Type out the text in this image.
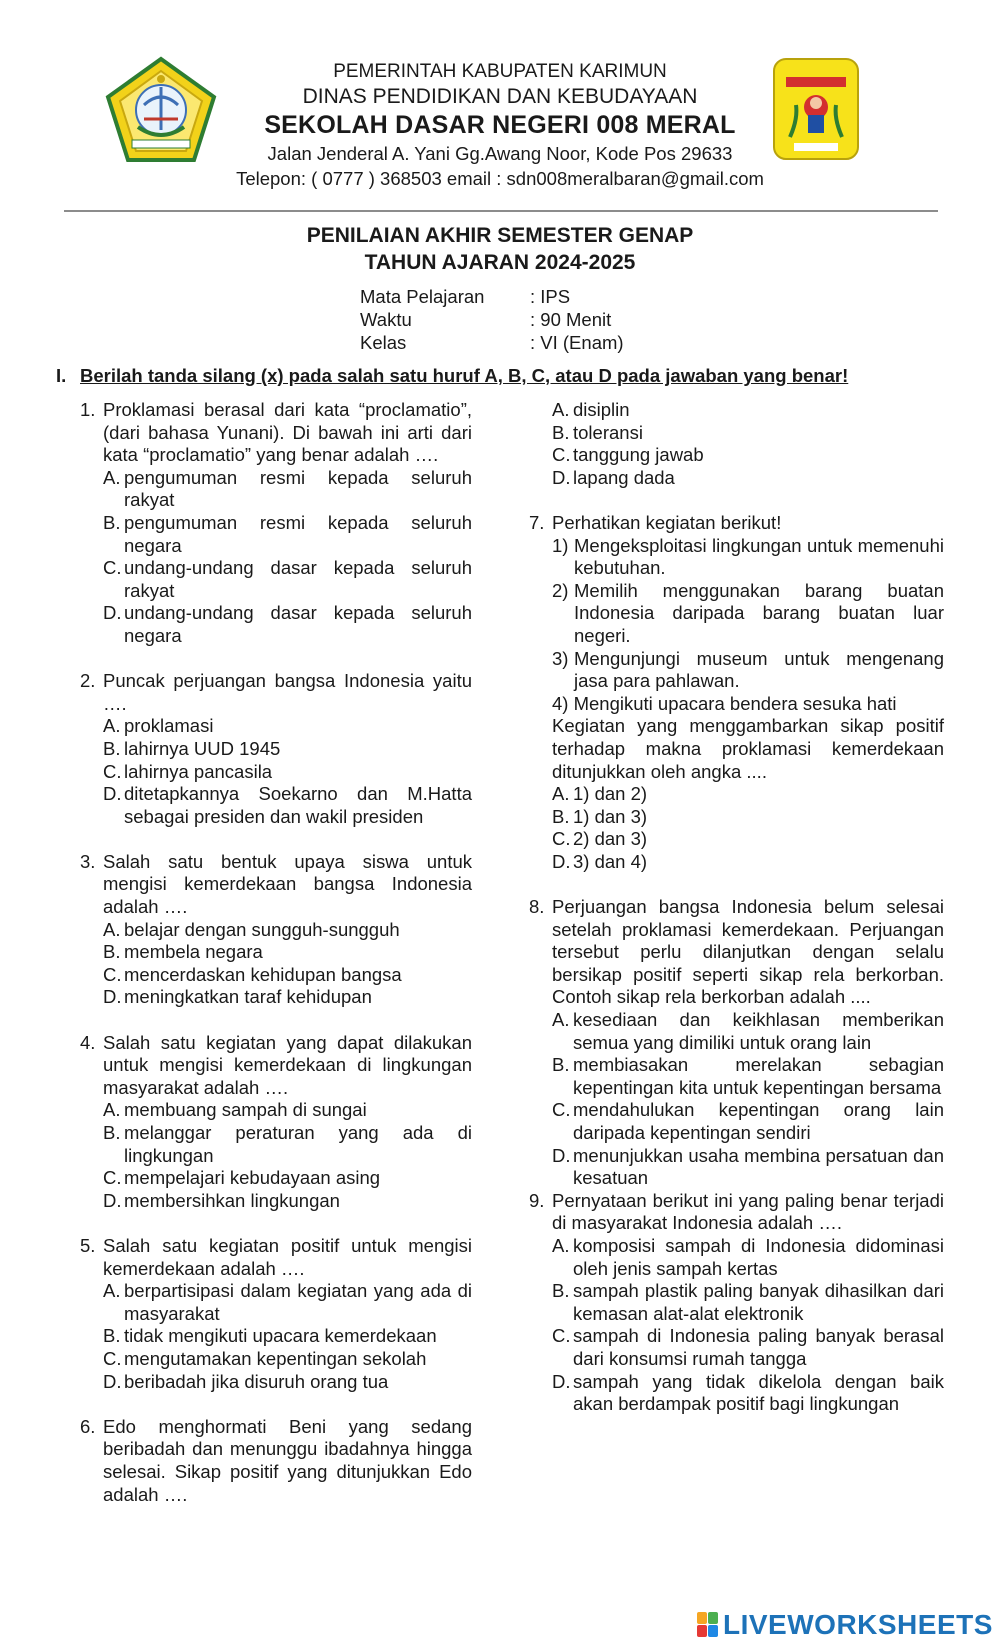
PEMERINTAH KABUPATEN KARIMUN
DINAS PENDIDIKAN DAN KEBUDAYAAN
SEKOLAH DASAR NEGERI 008 MERAL
Jalan Jenderal A. Yani Gg.Awang Noor, Kode Pos 29633
Telepon: ( 0777 ) 368503 email : sdn008meralbaran@gmail.com
PENILAIAN AKHIR SEMESTER GENAP
TAHUN AJARAN 2024-2025
Mata Pelajaran	: IPS
Waktu	: 90 Menit
Kelas	: VI (Enam)
I. Berilah tanda silang (x) pada salah satu huruf A, B, C, atau D pada jawaban yang benar!
1. Proklamasi berasal dari kata “proclamatio”, (dari bahasa Yunani). Di bawah ini arti dari kata “proclamatio” yang benar adalah ….
A. pengumuman resmi kepada seluruh rakyat
B. pengumuman resmi kepada seluruh negara
C. undang-undang dasar kepada seluruh rakyat
D. undang-undang dasar kepada seluruh negara
2. Puncak perjuangan bangsa Indonesia yaitu ….
A. proklamasi
B. lahirnya UUD 1945
C. lahirnya pancasila
D. ditetapkannya Soekarno dan M.Hatta sebagai presiden dan wakil presiden
3. Salah satu bentuk upaya siswa untuk mengisi kemerdekaan bangsa Indonesia adalah ….
A. belajar dengan sungguh-sungguh
B. membela negara
C. mencerdaskan kehidupan bangsa
D. meningkatkan taraf kehidupan
4. Salah satu kegiatan yang dapat dilakukan untuk mengisi kemerdekaan di lingkungan masyarakat adalah ….
A. membuang sampah di sungai
B. melanggar peraturan yang ada di lingkungan
C. mempelajari kebudayaan asing
D. membersihkan lingkungan
5. Salah satu kegiatan positif untuk mengisi kemerdekaan adalah ….
A. berpartisipasi dalam kegiatan yang ada di masyarakat
B. tidak mengikuti upacara kemerdekaan
C. mengutamakan kepentingan sekolah
D. beribadah jika disuruh orang tua
6. Edo menghormati Beni yang sedang beribadah dan menunggu ibadahnya hingga selesai. Sikap positif yang ditunjukkan Edo adalah ….
A. disiplin
B. toleransi
C. tanggung jawab
D. lapang dada
7. Perhatikan kegiatan berikut!
1) Mengeksploitasi lingkungan untuk memenuhi kebutuhan.
2) Memilih menggunakan barang buatan Indonesia daripada barang buatan luar negeri.
3) Mengunjungi museum untuk mengenang jasa para pahlawan.
4) Mengikuti upacara bendera sesuka hati
Kegiatan yang menggambarkan sikap positif terhadap makna proklamasi kemerdekaan ditunjukkan oleh angka ....
A. 1) dan 2)
B. 1) dan 3)
C. 2) dan 3)
D. 3) dan 4)
8. Perjuangan bangsa Indonesia belum selesai setelah proklamasi kemerdekaan. Perjuangan tersebut perlu dilanjutkan dengan selalu bersikap positif seperti sikap rela berkorban. Contoh sikap rela berkorban adalah ....
A. kesediaan dan keikhlasan memberikan semua yang dimiliki untuk orang lain
B. membiasakan merelakan sebagian kepentingan kita untuk kepentingan bersama
C. mendahulukan kepentingan orang lain daripada kepentingan sendiri
D. menunjukkan usaha membina persatuan dan kesatuan
9. Pernyataan berikut ini yang paling benar terjadi di masyarakat Indonesia adalah ….
A. komposisi sampah di Indonesia didominasi oleh jenis sampah kertas
B. sampah plastik paling banyak dihasilkan dari kemasan alat-alat elektronik
C. sampah di Indonesia paling banyak berasal dari konsumsi rumah tangga
D. sampah yang tidak dikelola dengan baik akan berdampak positif bagi lingkungan
LIVEWORKSHEETS
